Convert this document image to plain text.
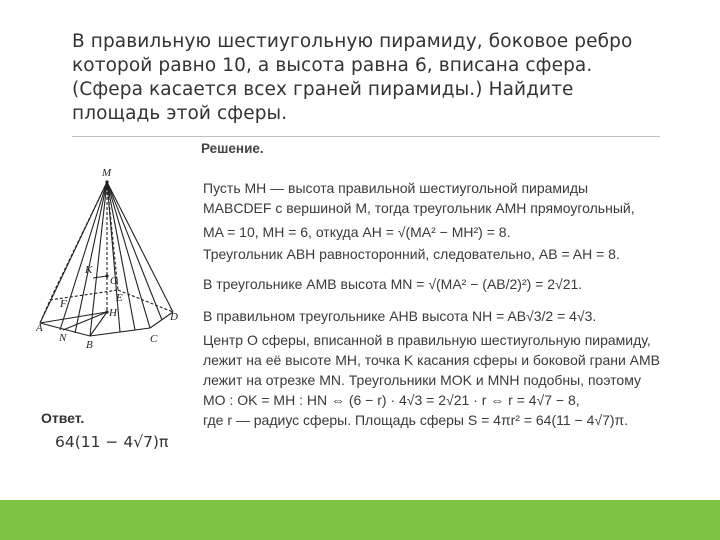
В правильную шестиугольную пирамиду, боковое ребро
которой равно 10, а высота равна 6, вписана сфера.
(Сфера касается всех граней пирамиды.) Найдите
площадь этой сферы.
M
K
O
E
F
H
A
N
B	C
D
Решение.
Пусть MH — высота правильной шестиугольной пирамиды
MABCDEF с вершиной M, тогда треугольник AMH прямоугольный,
MA = 10, MH = 6, откуда AH = √(MA² − MH²) = 8.
Треугольник ABH равносторонний, следовательно, AB = AH = 8.
В треугольнике AMB высота MN = √(MA² − (AB/2)²) = 2√21.
В правильном треугольнике AHB высота NH = AB√3/2 = 4√3.
Центр O сферы, вписанной в правильную шестиугольную пирамиду,
лежит на её высоте MH, точка K касания сферы и боковой грани AMB
лежит на отрезке MN. Треугольники MOK и MNH подобны, поэтому
MO : OK = MH : HN ⇔ (6 − r) · 4√3 = 2√21 · r ⇔ r = 4√7 − 8,
где r — радиус сферы. Площадь сферы S = 4πr² = 64(11 − 4√7)π.
Ответ.
64(11 − 4√7)π
